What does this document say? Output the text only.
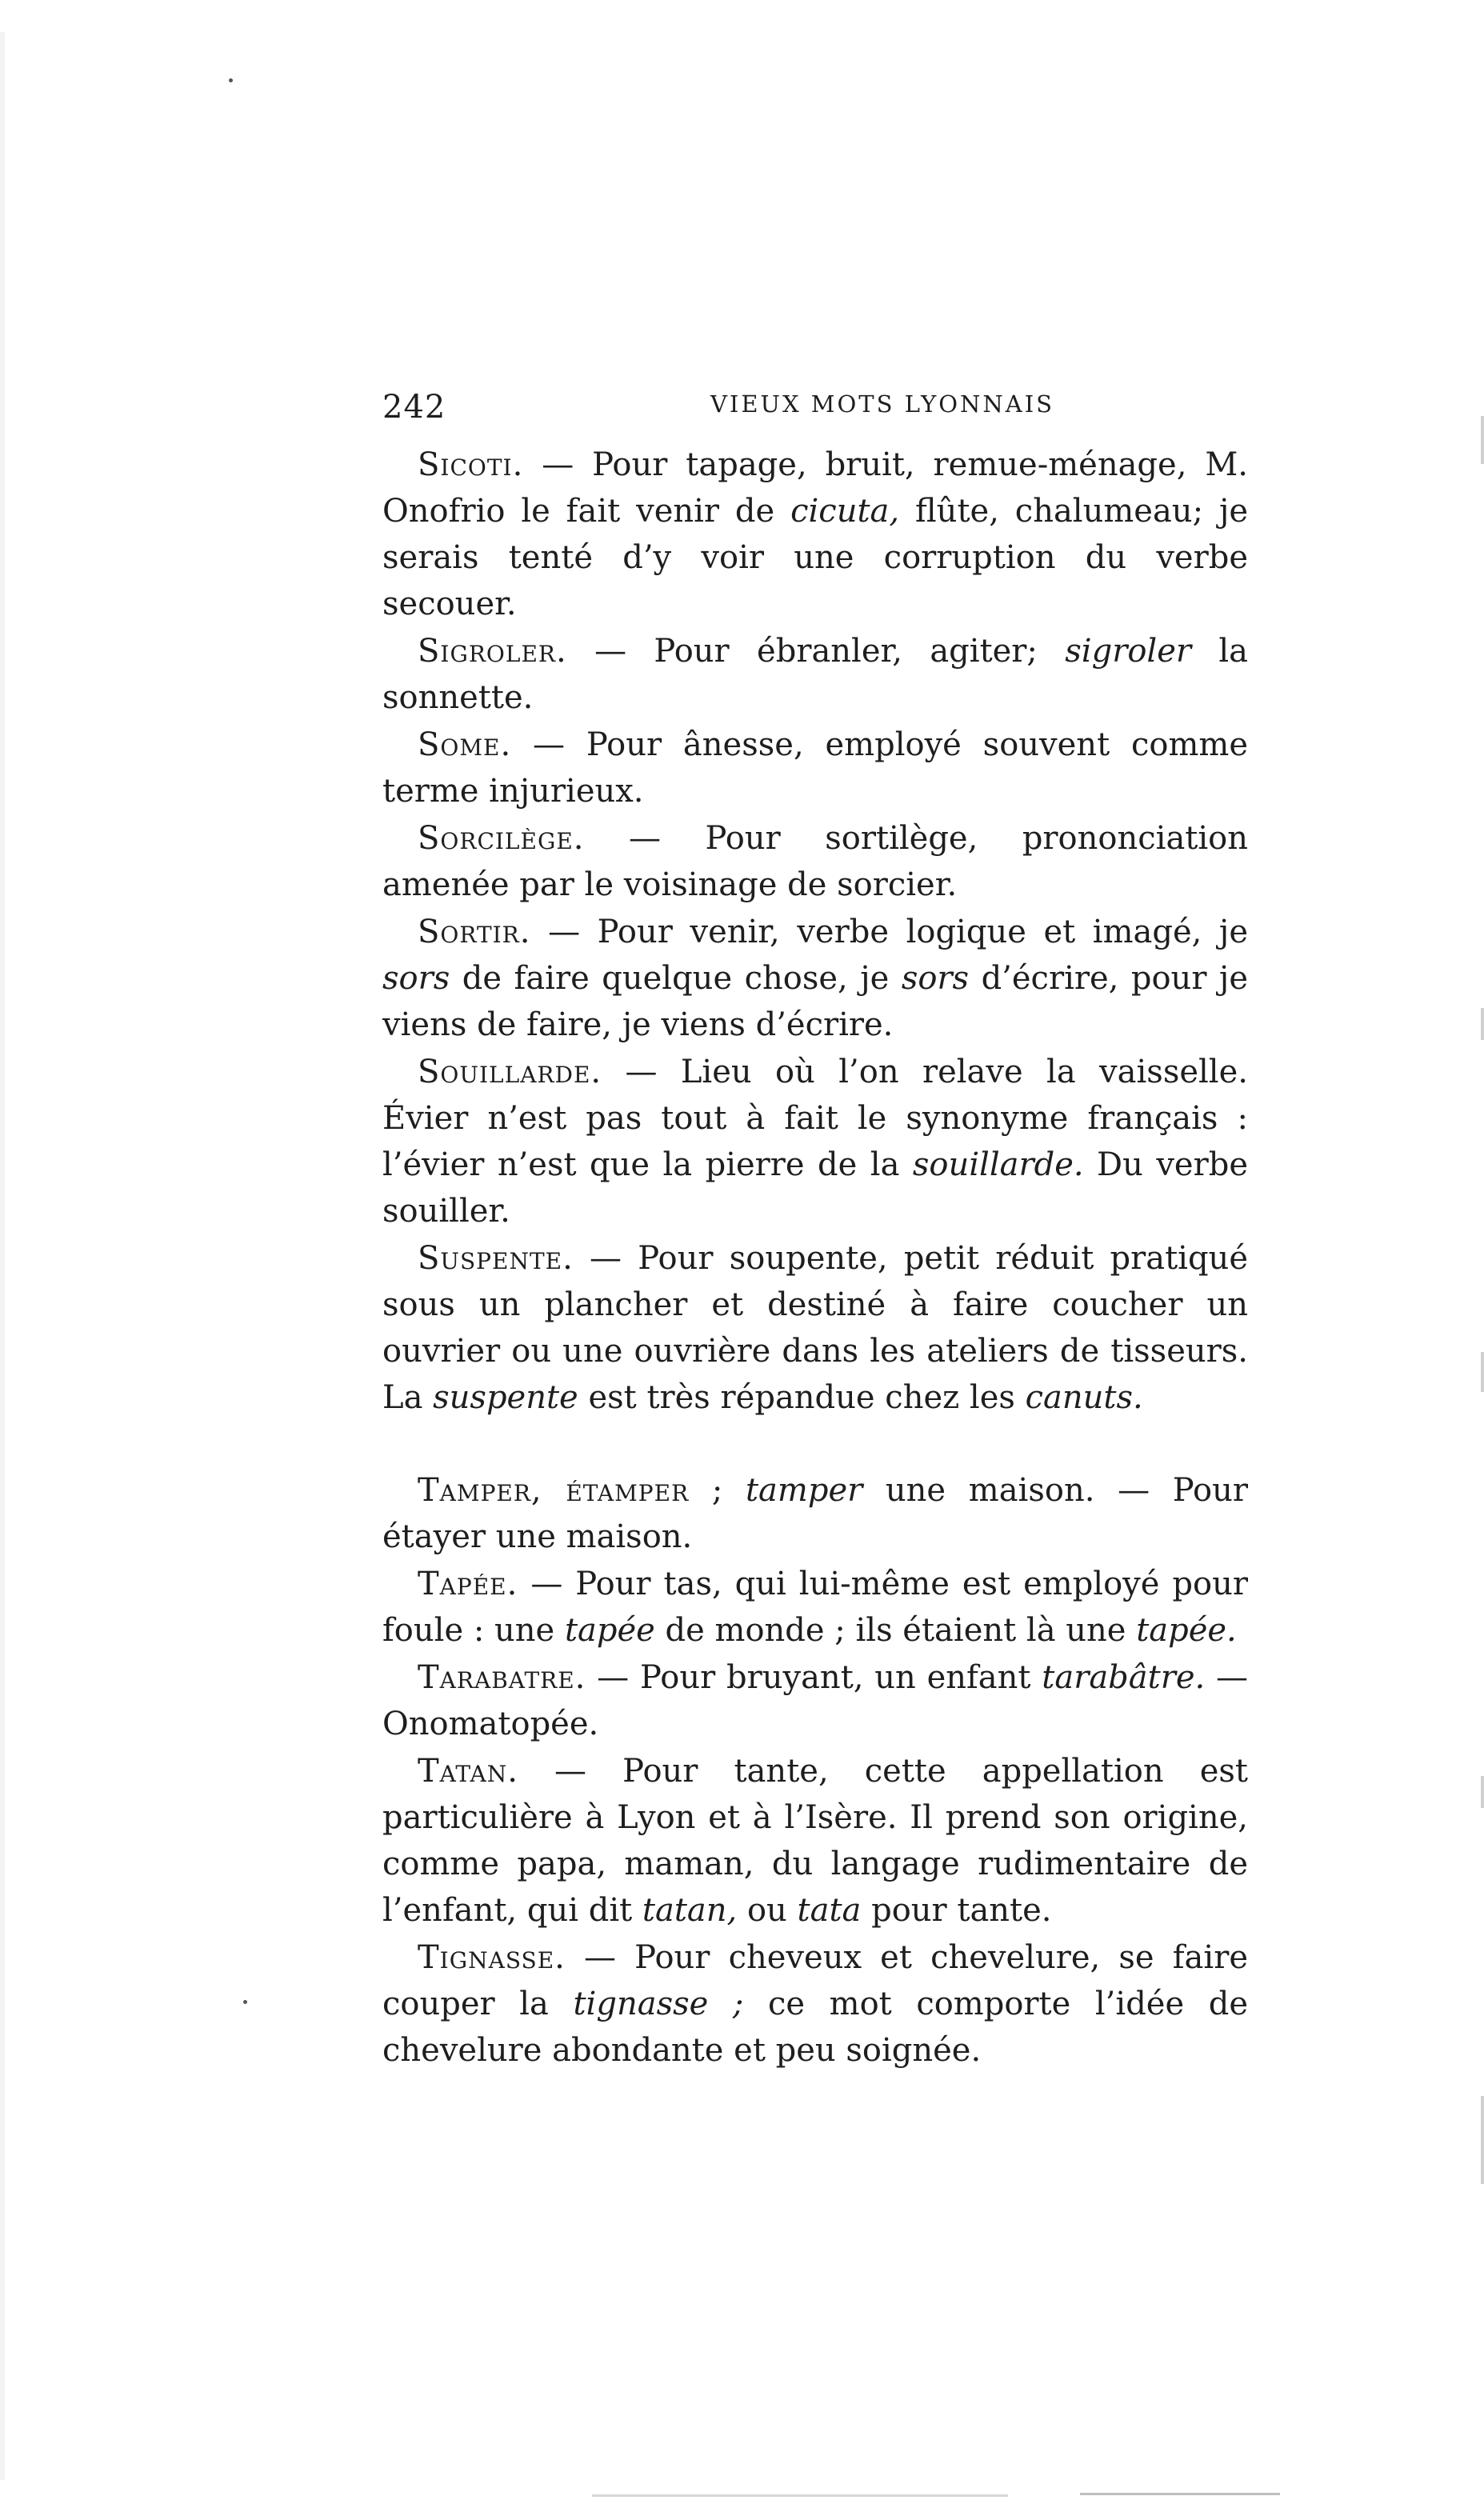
242	VIEUX MOTS LYONNAIS

Sicoti. — Pour tapage, bruit, remue-ménage, M. Onofrio le fait venir de cicuta, flûte, chalumeau; je serais tenté d’y voir une corruption du verbe secouer.

Sigroler. — Pour ébranler, agiter; sigroler la sonnette.

Some. — Pour ânesse, employé souvent comme terme injurieux.

Sorcilège. — Pour sortilège, prononciation amenée par le voisinage de sorcier.

Sortir. — Pour venir, verbe logique et imagé, je sors de faire quelque chose, je sors d’écrire, pour je viens de faire, je viens d’écrire.

Souillarde. — Lieu où l’on relave la vaisselle. Évier n’est pas tout à fait le synonyme français : l’évier n’est que la pierre de la souillarde. Du verbe souiller.

Suspente. — Pour soupente, petit réduit pratiqué sous un plancher et destiné à faire coucher un ouvrier ou une ouvrière dans les ateliers de tisseurs. La suspente est très répandue chez les canuts.

Tamper, étamper ; tamper une maison. — Pour étayer une maison.

Tapée. — Pour tas, qui lui-même est employé pour foule : une tapée de monde ; ils étaient là une tapée.

Tarabatre. — Pour bruyant, un enfant tarabâtre. — Onomatopée.

Tatan. — Pour tante, cette appellation est particulière à Lyon et à l’Isère. Il prend son origine, comme papa, maman, du langage rudimentaire de l’enfant, qui dit tatan, ou tata pour tante.

Tignasse. — Pour cheveux et chevelure, se faire couper la tignasse ; ce mot comporte l’idée de chevelure abondante et peu soignée.
